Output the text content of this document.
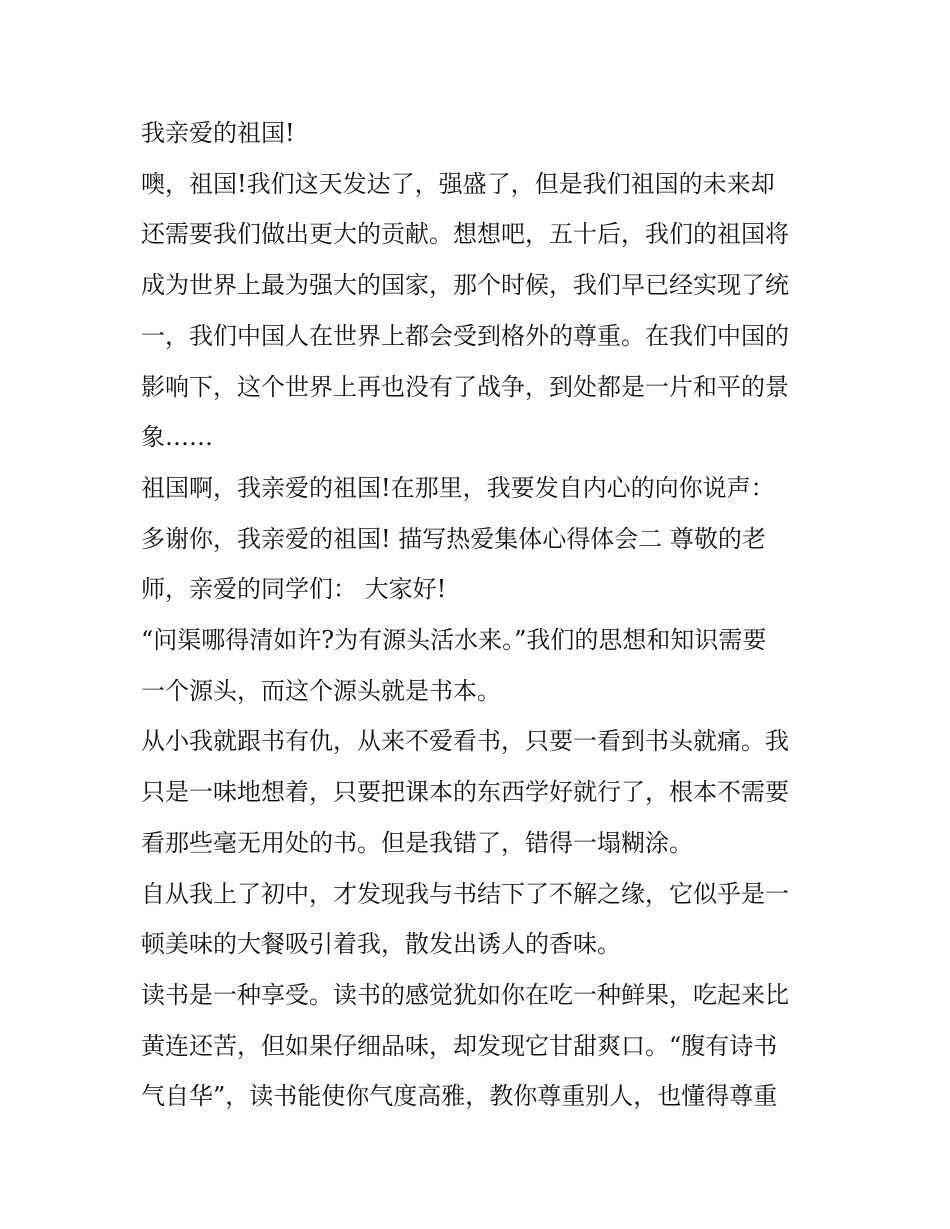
我亲爱的祖国!

噢，祖国!我们这天发达了，强盛了，但是我们祖国的未来却

还需要我们做出更大的贡献。想想吧，五十后，我们的祖国将

成为世界上最为强大的国家，那个时候，我们早已经实现了统

一，我们中国人在世界上都会受到格外的尊重。在我们中国的

影响下，这个世界上再也没有了战争，到处都是一片和平的景

象……

祖国啊，我亲爱的祖国!在那里，我要发自内心的向你说声：

多谢你，我亲爱的祖国! 描写热爱集体心得体会二 尊敬的老

师，亲爱的同学们： 大家好!

“问渠哪得清如许?为有源头活水来。”我们的思想和知识需要

一个源头，而这个源头就是书本。

从小我就跟书有仇，从来不爱看书，只要一看到书头就痛。我

只是一味地想着，只要把课本的东西学好就行了，根本不需要

看那些毫无用处的书。但是我错了，错得一塌糊涂。

自从我上了初中，才发现我与书结下了不解之缘，它似乎是一

顿美味的大餐吸引着我，散发出诱人的香味。

读书是一种享受。读书的感觉犹如你在吃一种鲜果，吃起来比

黄连还苦，但如果仔细品味，却发现它甘甜爽口。“腹有诗书

气自华”，读书能使你气度高雅，教你尊重别人，也懂得尊重
